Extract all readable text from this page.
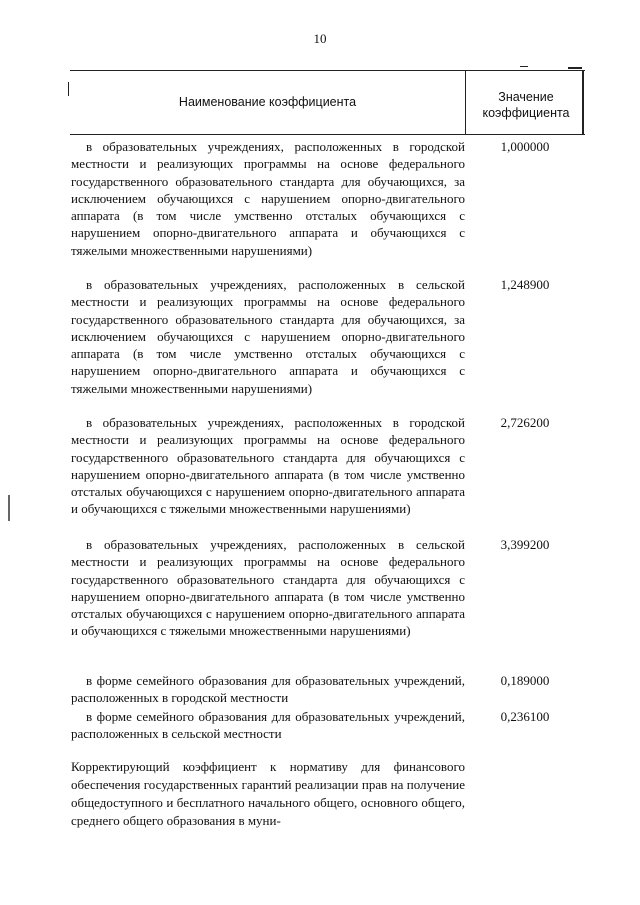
10
Наименование коэффициента	Значение
коэффициента
в образовательных учреждениях, расположенных в городской местности и реализующих программы на основе федерального государственного образовательного стандарта для обучающихся, за исключением обучающихся с нарушением опорно-двигательного аппарата (в том числе умственно отсталых обучающихся с нарушением опорно-двигательного аппарата и обучающихся с тяжелыми множественными нарушениями)
1,000000
в образовательных учреждениях, расположенных в сельской местности и реализующих программы на основе федерального государственного образовательного стандарта для обучающихся, за исключением обучающихся с нарушением опорно-двигательного аппарата (в том числе умственно отсталых обучающихся с нарушением опорно-двигательного аппарата и обучающихся с тяжелыми множественными нарушениями)
1,248900
в образовательных учреждениях, расположенных в городской местности и реализующих программы на основе федерального государственного образовательного стандарта для обучающихся с нарушением опорно-двигательного аппарата (в том числе умственно отсталых обучающихся с нарушением опорно-двигательного аппарата и обучающихся с тяжелыми множественными нарушениями)
2,726200
в образовательных учреждениях, расположенных в сельской местности и реализующих программы на основе федерального государственного образовательного стандарта для обучающихся с нарушением опорно-двигательного аппарата (в том числе умственно отсталых обучающихся с нарушением опорно-двигательного аппарата и обучающихся с тяжелыми множественными нарушениями)
3,399200
в форме семейного образования для образовательных учреждений, расположенных в городской местности
0,189000
в форме семейного образования для образовательных учреждений, расположенных в сельской местности
0,236100
Корректирующий коэффициент к нормативу для финансового обеспечения государственных гарантий реализации прав на получение общедоступного и бесплатного начального общего, основного общего, среднего общего образования в муни-
